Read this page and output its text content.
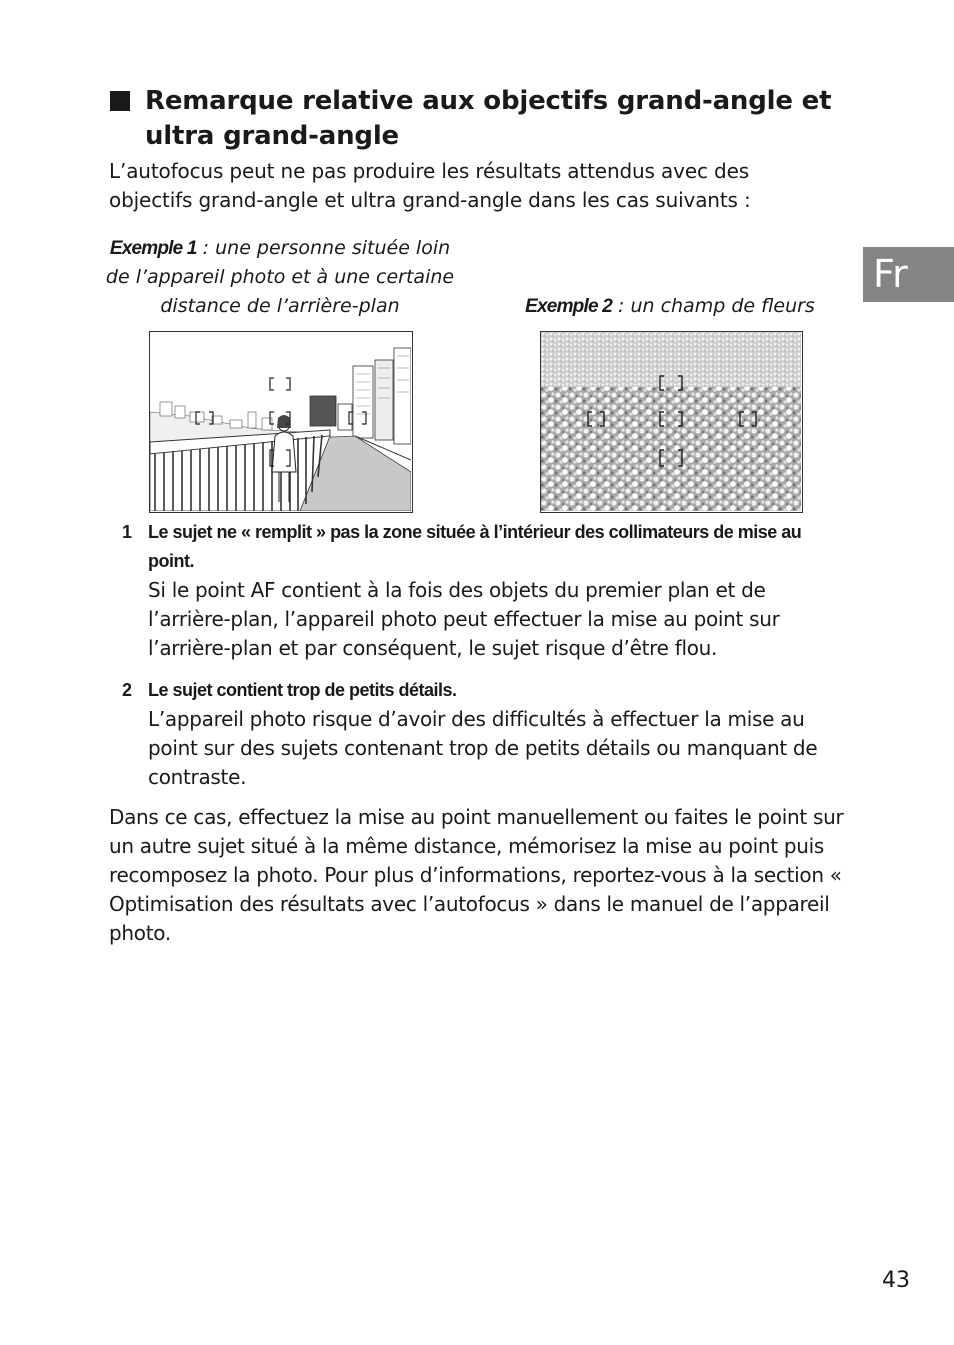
Remarque relative aux objectifs grand-angle et ultra grand-angle

L’autofocus peut ne pas produire les résultats attendus avec des objectifs grand-angle et ultra grand-angle dans les cas suivants :

Fr

Exemple 1 : une personne située loin de l’appareil photo et à une certaine distance de l’arrière-plan	Exemple 2 : un champ de fleurs

1 Le sujet ne « remplit » pas la zone située à l’intérieur des collimateurs de mise au point.
Si le point AF contient à la fois des objets du premier plan et de l’arrière-plan, l’appareil photo peut effectuer la mise au point sur l’arrière-plan et par conséquent, le sujet risque d’être flou.
2 Le sujet contient trop de petits détails.
L’appareil photo risque d’avoir des difficultés à effectuer la mise au point sur des sujets contenant trop de petits détails ou manquant de contraste.

Dans ce cas, effectuez la mise au point manuellement ou faites le point sur un autre sujet situé à la même distance, mémorisez la mise au point puis recomposez la photo. Pour plus d’informations, reportez-vous à la section « Optimisation des résultats avec l’autofocus » dans le manuel de l’appareil photo.

43
